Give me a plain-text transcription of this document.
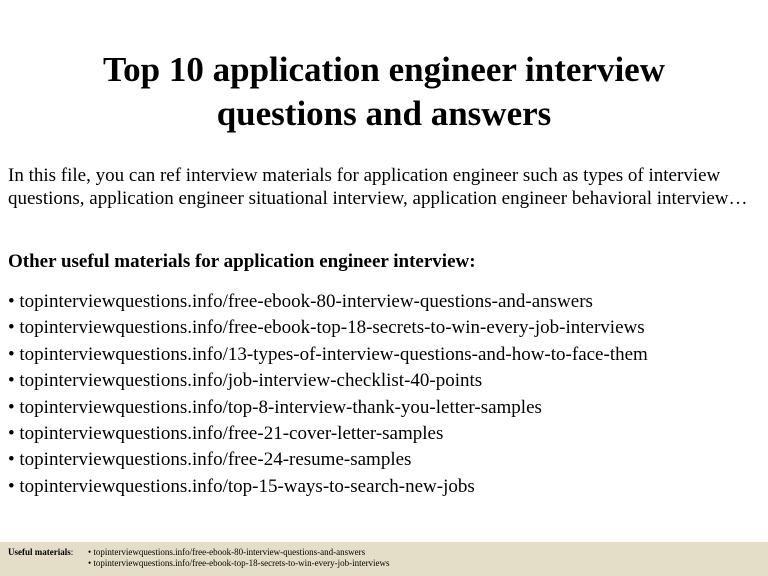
Top 10 application engineer interview
questions and answers

In this file, you can ref interview materials for application engineer such as types of interview questions, application engineer situational interview, application engineer behavioral interview…

Other useful materials for application engineer interview:

• topinterviewquestions.info/free-ebook-80-interview-questions-and-answers
• topinterviewquestions.info/free-ebook-top-18-secrets-to-win-every-job-interviews
• topinterviewquestions.info/13-types-of-interview-questions-and-how-to-face-them
• topinterviewquestions.info/job-interview-checklist-40-points
• topinterviewquestions.info/top-8-interview-thank-you-letter-samples
• topinterviewquestions.info/free-21-cover-letter-samples
• topinterviewquestions.info/free-24-resume-samples
• topinterviewquestions.info/top-15-ways-to-search-new-jobs
Useful materials:
•	topinterviewquestions.info/free-ebook-80-interview-questions-and-answers
• topinterviewquestions.info/free-ebook-top-18-secrets-to-win-every-job-interviews
